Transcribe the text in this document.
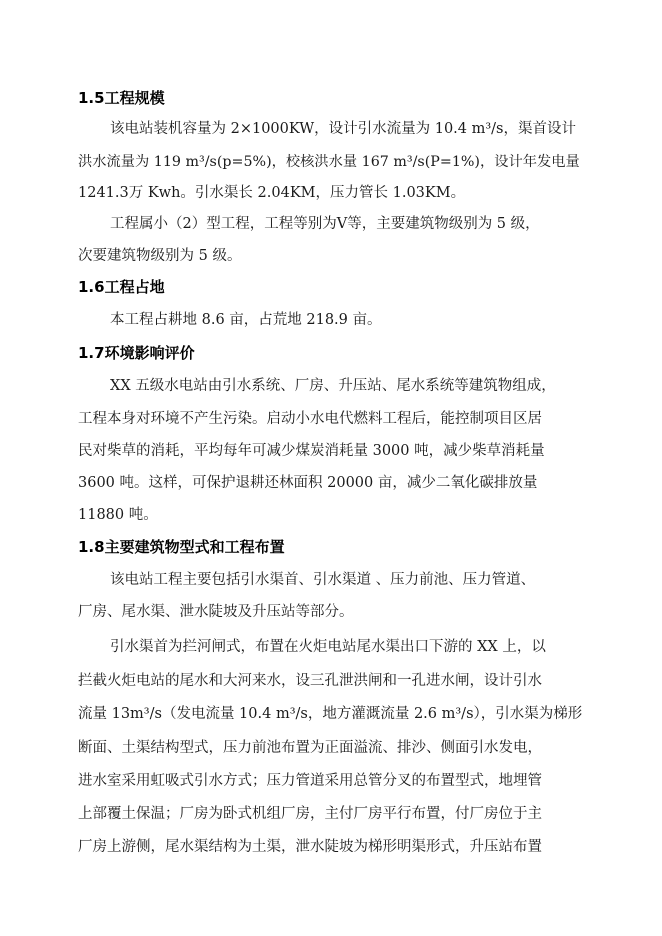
1.5工程规模
该电站装机容量为 2×1000KW，设计引水流量为 10.4 m³/s，渠首设计
洪水流量为 119 m³/s(p=5%)，校核洪水量 167 m³/s(P=1%)，设计年发电量
1241.3万 Kwh。引水渠长 2.04KM，压力管长 1.03KM。
工程属小（2）型工程，工程等别为Ⅴ等，主要建筑物级别为 5 级，
次要建筑物级别为 5 级。
1.6工程占地
本工程占耕地 8.6 亩，占荒地 218.9 亩。
1.7环境影响评价
XX 五级水电站由引水系统、厂房、升压站、尾水系统等建筑物组成，
工程本身对环境不产生污染。启动小水电代燃料工程后，能控制项目区居
民对柴草的消耗，平均每年可减少煤炭消耗量 3000 吨，减少柴草消耗量
3600 吨。这样，可保护退耕还林面积 20000 亩，减少二氧化碳排放量
11880 吨。
1.8主要建筑物型式和工程布置
该电站工程主要包括引水渠首、引水渠道 、压力前池、压力管道、
厂房、尾水渠、泄水陡坡及升压站等部分。
引水渠首为拦河闸式，布置在火炬电站尾水渠出口下游的 XX 上，以
拦截火炬电站的尾水和大河来水，设三孔泄洪闸和一孔进水闸，设计引水
流量 13m³/s（发电流量 10.4 m³/s，地方灌溉流量 2.6 m³/s），引水渠为梯形
断面、土渠结构型式，压力前池布置为正面溢流、排沙、侧面引水发电，
进水室采用虹吸式引水方式；压力管道采用总管分叉的布置型式，地埋管
上部覆土保温；厂房为卧式机组厂房，主付厂房平行布置，付厂房位于主
厂房上游侧，尾水渠结构为土渠，泄水陡坡为梯形明渠形式，升压站布置
